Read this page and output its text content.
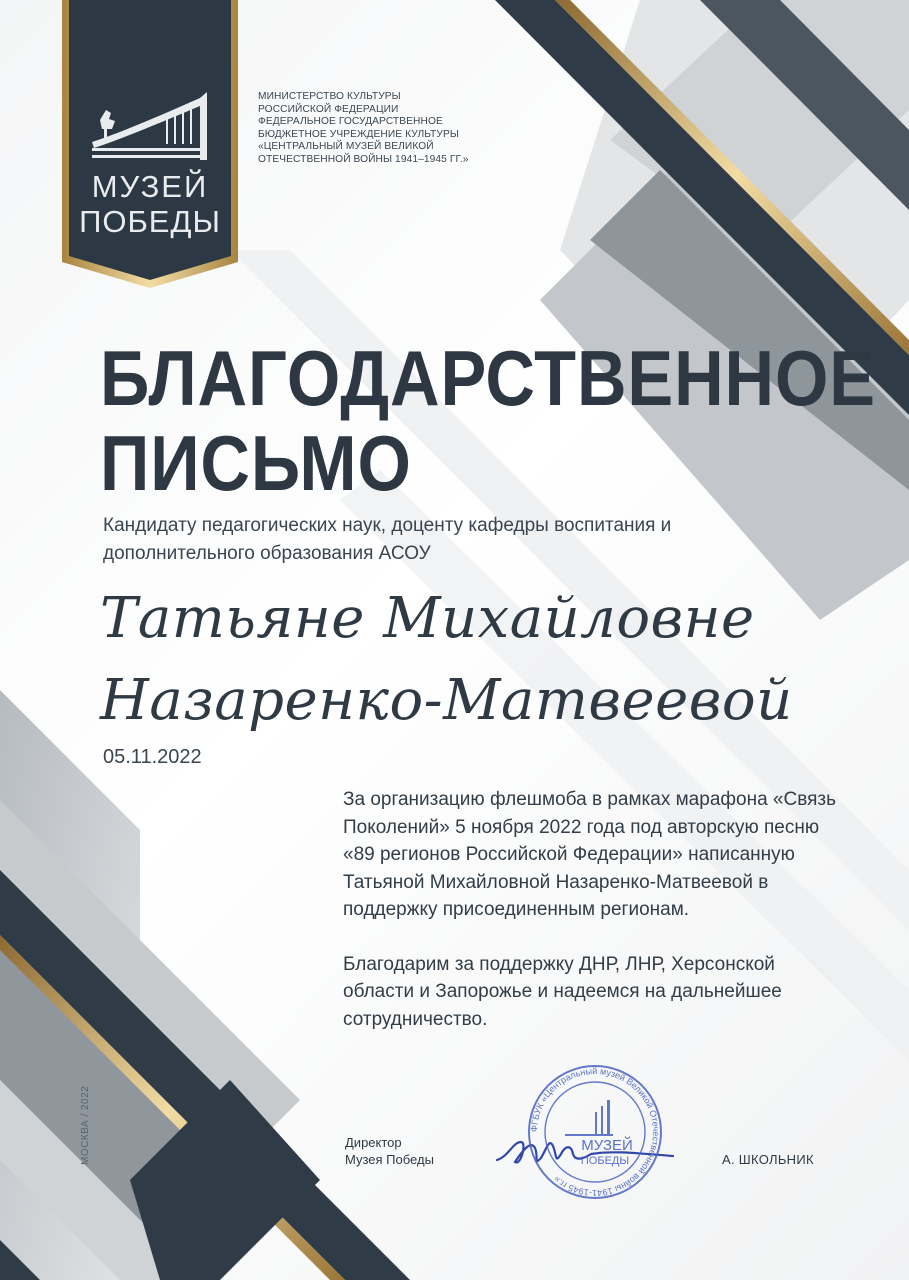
МУЗЕЙ
ПОБЕДЫ
МИНИСТЕРСТВО КУЛЬТУРЫ
РОССИЙСКОЙ ФЕДЕРАЦИИ
ФЕДЕРАЛЬНОЕ ГОСУДАРСТВЕННОЕ
БЮДЖЕТНОЕ УЧРЕЖДЕНИЕ КУЛЬТУРЫ
«ЦЕНТРАЛЬНЫЙ МУЗЕЙ ВЕЛИКОЙ
ОТЕЧЕСТВЕННОЙ ВОЙНЫ 1941–1945 ГГ.»
БЛАГОДАРСТВЕННОЕ
ПИСЬМО
Кандидату педагогических наук, доценту кафедры воспитания и дополнительного образования АСОУ
Татьяне Михайловне
Назаренко-Матвеевой
05.11.2022

За организацию флешмоба в рамках марафона «Связь Поколений» 5 ноября 2022 года под авторскую песню «89 регионов Российской Федерации» написанную Татьяной Михайловной Назаренко-Матвеевой в поддержку присоединенным регионам.

Благодарим за поддержку ДНР, ЛНР, Херсонской области и Запорожье и надеемся на дальнейшее сотрудничество.

Директор
Музея Победы
ФГБУК «Центральный музей Великой Отечественной войны 1941-1945 гг.»
МУЗЕЙ
ПОБЕДЫ	А. ШКОЛЬНИК
МОСКВА / 2022
